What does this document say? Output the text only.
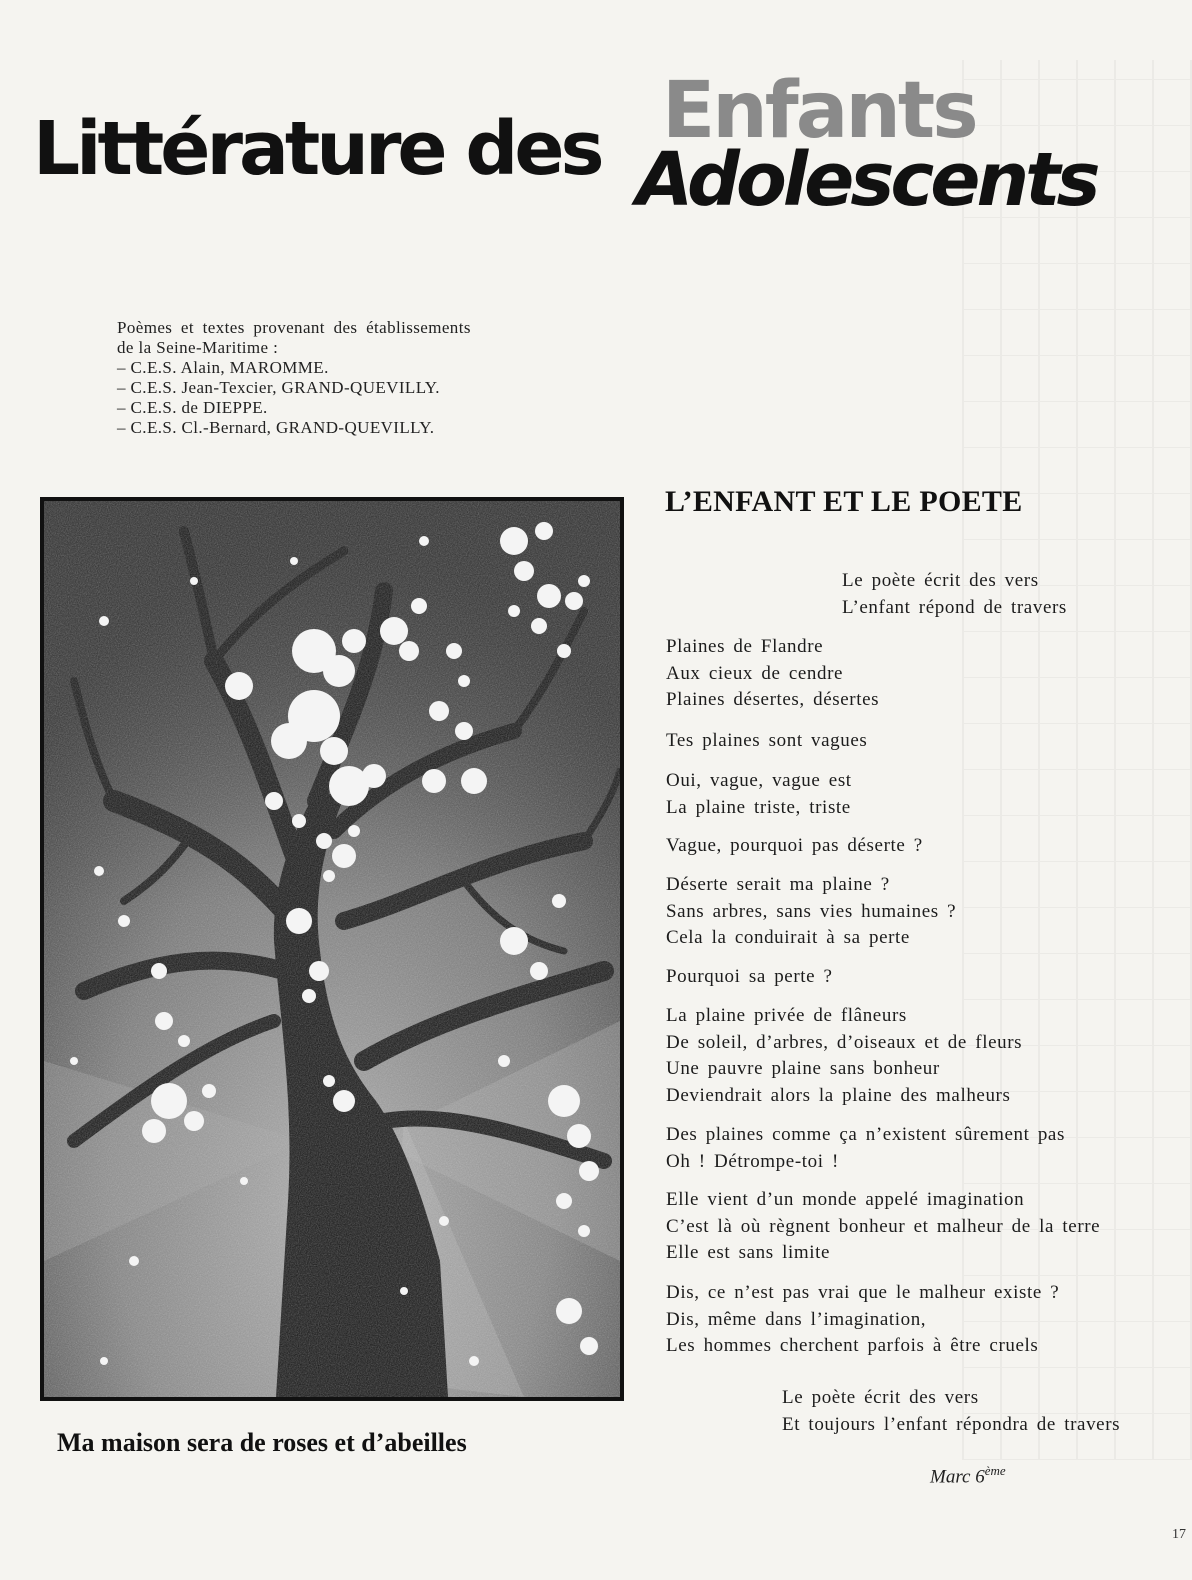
Enfants
Littérature des Adolescents
Poèmes et textes provenant des établissements
de la Seine-Maritime :
– C.E.S. Alain, MAROMME.
– C.E.S. Jean-Texcier, GRAND-QUEVILLY.
– C.E.S. de DIEPPE.
– C.E.S. Cl.-Bernard, GRAND-QUEVILLY.
Ma maison sera de roses et d’abeilles
L’ENFANT ET LE POETE
Le poète écrit des vers
L’enfant répond de travers
Plaines de Flandre
Aux cieux de cendre
Plaines désertes, désertes
Tes plaines sont vagues
Oui, vague, vague est
La plaine triste, triste
Vague, pourquoi pas déserte ?
Déserte serait ma plaine ?
Sans arbres, sans vies humaines ?
Cela la conduirait à sa perte
Pourquoi sa perte ?
La plaine privée de flâneurs
De soleil, d’arbres, d’oiseaux et de fleurs
Une pauvre plaine sans bonheur
Deviendrait alors la plaine des malheurs
Des plaines comme ça n’existent sûrement pas
Oh ! Détrompe-toi !
Elle vient d’un monde appelé imagination
C’est là où règnent bonheur et malheur de la terre
Elle est sans limite
Dis, ce n’est pas vrai que le malheur existe ?
Dis, même dans l’imagination,
Les hommes cherchent parfois à être cruels
Le poète écrit des vers
Et toujours l’enfant répondra de travers
Marc 6ème
17
